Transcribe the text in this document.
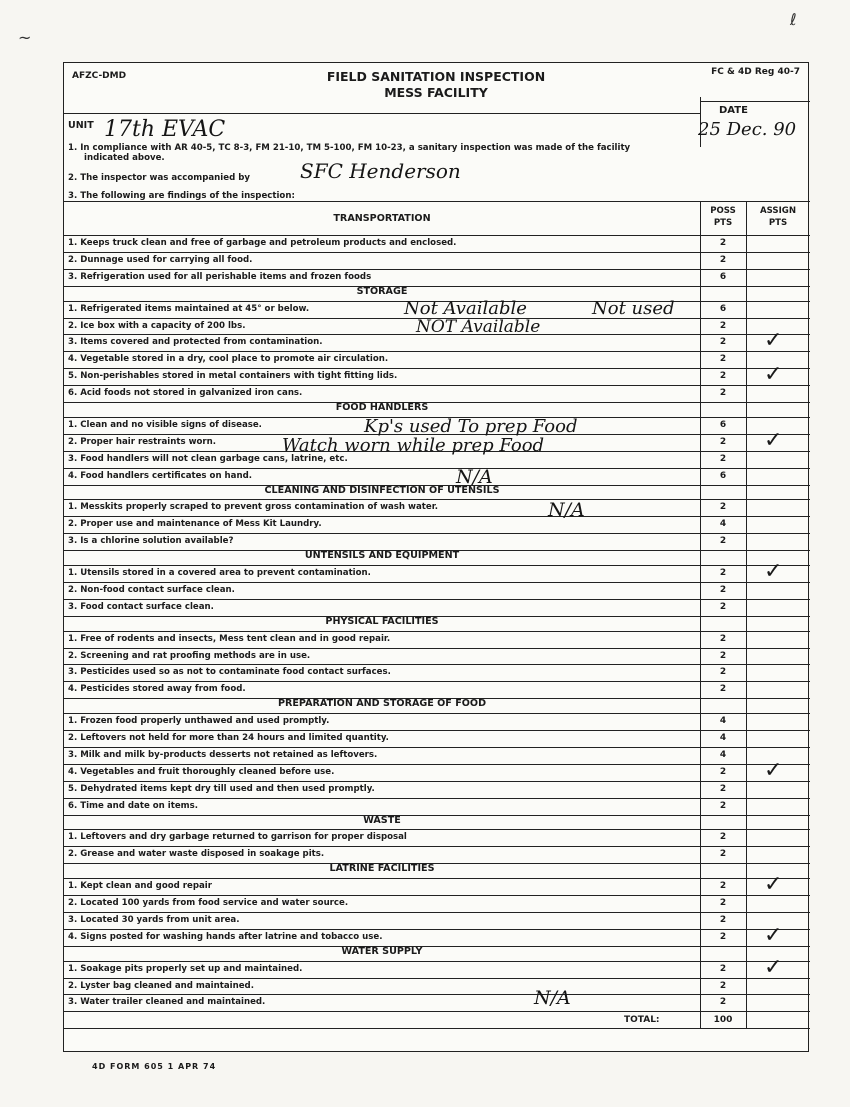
AFZC-DMD	FC & 4D Reg 40-7
FIELD SANITATION INSPECTION
MESS FACILITY
DATE
25 Dec. 90
UNIT 17th EVAC
1. In compliance with AR 40-5, TC 8-3, FM 21-10, TM 5-100, FM 10-23, a sanitary inspection was made of the facility
indicated above.
2. The inspector was accompanied by	SFC Henderson
3. The following are findings of the inspection:
POSS
PTS
ASSIGN
PTS
TRANSPORTATION
1. Keeps truck clean and free of garbage and petroleum products and enclosed.	2
2. Dunnage used for carrying all food.	2
3. Refrigeration used for all perishable items and frozen foods	6
STORAGE
1. Refrigerated items maintained at 45° or below.	6
2. Ice box with a capacity of 200 lbs.	2
3. Items covered and protected from contamination.	2	✓
4. Vegetable stored in a dry, cool place to promote air circulation.	2
5. Non-perishables stored in metal containers with tight fitting lids.	2	✓
6. Acid foods not stored in galvanized iron cans.	2
FOOD HANDLERS
1. Clean and no visible signs of disease.	6
2. Proper hair restraints worn.	2	✓
3. Food handlers will not clean garbage cans, latrine, etc.	2
4. Food handlers certificates on hand.	6
CLEANING AND DISINFECTION OF UTENSILS
1. Messkits properly scraped to prevent gross contamination of wash water.	2
2. Proper use and maintenance of Mess Kit Laundry.	4
3. Is a chlorine solution available?	2
UNTENSILS AND EQUIPMENT
1. Utensils stored in a covered area to prevent contamination.	2	✓
2. Non-food contact surface clean.	2
3. Food contact surface clean.	2
PHYSICAL FACILITIES
1. Free of rodents and insects, Mess tent clean and in good repair.	2
2. Screening and rat proofing methods are in use.	2
3. Pesticides used so as not to contaminate food contact surfaces.	2
4. Pesticides stored away from food.	2
PREPARATION AND STORAGE OF FOOD
1. Frozen food properly unthawed and used promptly.	4
2. Leftovers not held for more than 24 hours and limited quantity.	4
3. Milk and milk by-products desserts not retained as leftovers.	4
4. Vegetables and fruit thoroughly cleaned before use.	2	✓
5. Dehydrated items kept dry till used and then used promptly.	2
6. Time and date on items.	2
WASTE
1. Leftovers and dry garbage returned to garrison for proper disposal	2
2. Grease and water waste disposed in soakage pits.	2
LATRINE FACILITIES
1. Kept clean and good repair	2	✓
2. Located 100 yards from food service and water source.	2
3. Located 30 yards from unit area.	2
4. Signs posted for washing hands after latrine and tobacco use.	2	✓
WATER SUPPLY
1. Soakage pits properly set up and maintained.	2	✓
2. Lyster bag cleaned and maintained.	2
3. Water trailer cleaned and maintained.	2
TOTAL:	100
Not Available	Not used
NOT Available
Kp's used To prep Food
Watch worn while prep Food
N/A
N/A
N/A
4D FORM 605 1 APR 74
~
ℓ
